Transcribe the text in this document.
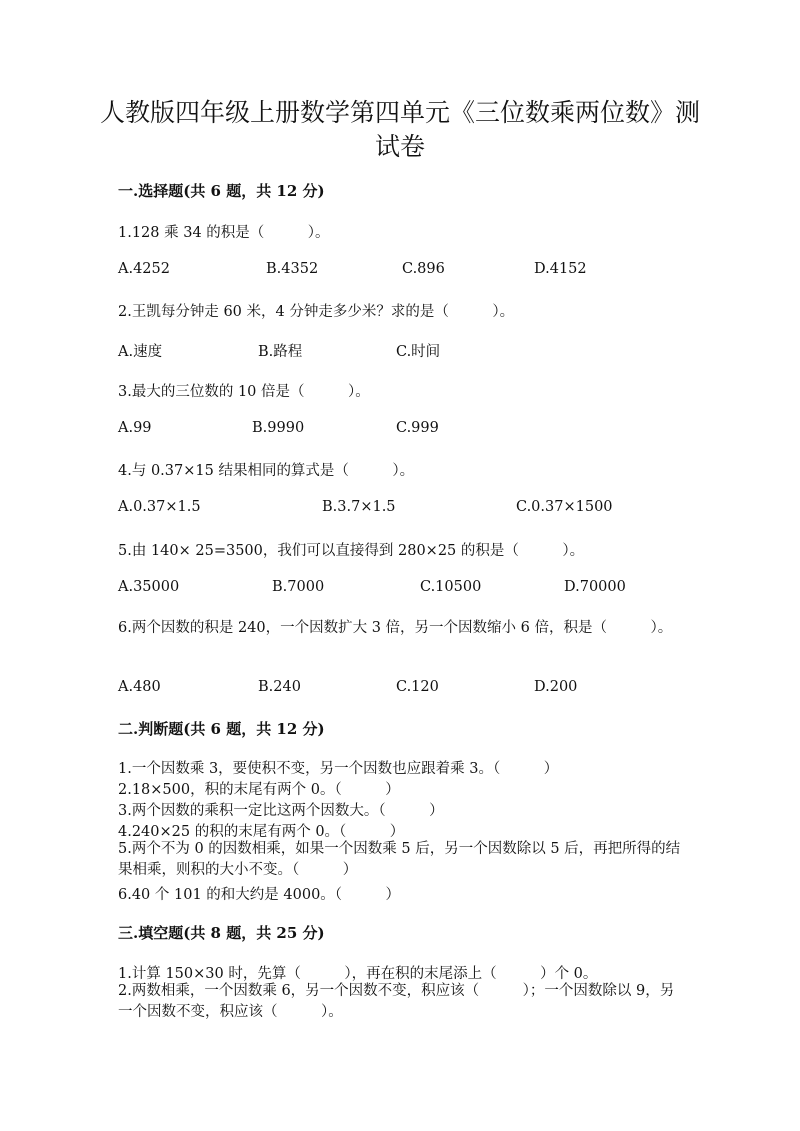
人教版四年级上册数学第四单元《三位数乘两位数》测试卷
一.选择题(共 6 题，共 12 分)
1.128 乘 34 的积是（　　　）。
A.4252	B.4352	C.896	D.4152
2.王凯每分钟走 60 米，4 分钟走多少米？求的是（　　　）。
A.速度	B.路程	C.时间
3.最大的三位数的 10 倍是（　　　）。
A.99	B.9990	C.999
4.与 0.37×15 结果相同的算式是（　　　）。
A.0.37×1.5	B.3.7×1.5	C.0.37×1500
5.由 140× 25=3500，我们可以直接得到 280×25 的积是（　　　）。
A.35000	B.7000	C.10500	D.70000
6.两个因数的积是 240，一个因数扩大 3 倍，另一个因数缩小 6 倍，积是（　　　）。
A.480	B.240	C.120	D.200
二.判断题(共 6 题，共 12 分)
1.一个因数乘 3，要使积不变，另一个因数也应跟着乘 3。（　　　）
2.18×500，积的末尾有两个 0。（　　　）
3.两个因数的乘积一定比这两个因数大。（　　　）
4.240×25 的积的末尾有两个 0。（　　　）
5.两个不为 0 的因数相乘，如果一个因数乘 5 后，另一个因数除以 5 后，再把所得的结果相乘，则积的大小不变。（　　　）
6.40 个 101 的和大约是 4000。（　　　）
三.填空题(共 8 题，共 25 分)
1.计算 150×30 时，先算（　　　），再在积的末尾添上（　　　）个 0。
2.两数相乘，一个因数乘 6，另一个因数不变，积应该（　　　）；一个因数除以 9，另一个因数不变，积应该（　　　）。
